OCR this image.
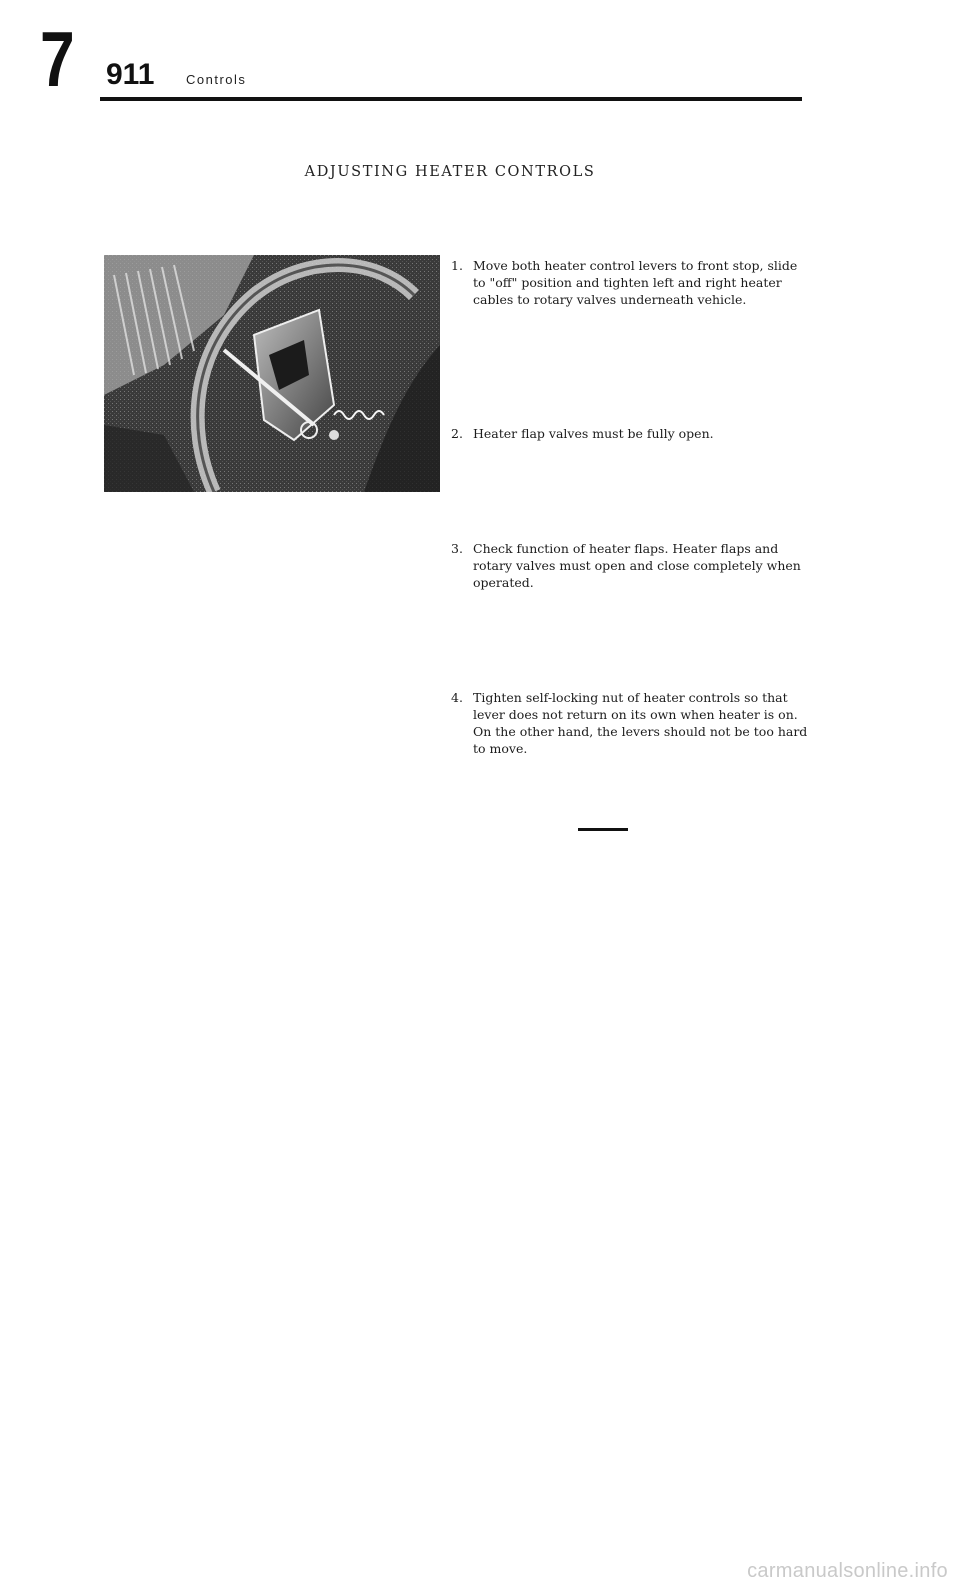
7 911 Controls
ADJUSTING HEATER CONTROLS
1. Move both heater control levers to front stop, slide to "off" position and tighten left and right heater cables to rotary valves underneath vehicle.
2. Heater flap valves must be fully open.
3. Check function of heater flaps. Heater flaps and rotary valves must open and close completely when operated.
4. Tighten self-locking nut of heater controls so that lever does not return on its own when heater is on. On the other hand, the levers should not be too hard to move.
carmanualsonline.info
